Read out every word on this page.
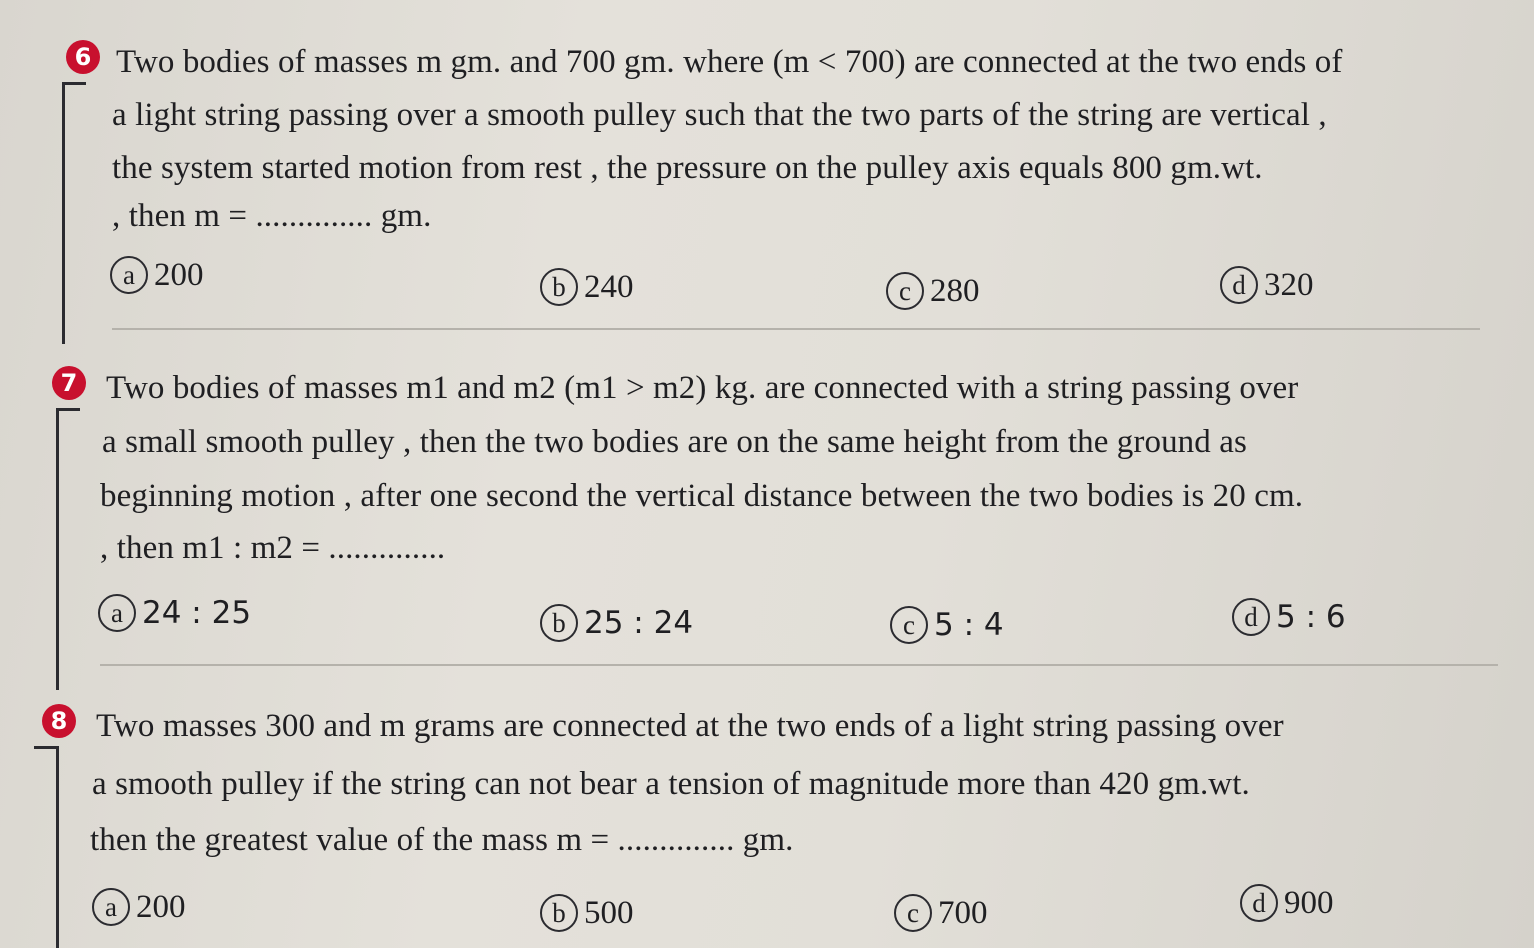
6 Two bodies of masses m gm. and 700 gm. where (m < 700) are connected at the two ends of
a light string passing over a smooth pulley such that the two parts of the string are vertical ,
the system started motion from rest , the pressure on the pulley axis equals 800 gm.wt.
, then m = .............. gm.
a 200	b 240	c 280	d 320
7 Two bodies of masses m1 and m2 (m1 > m2) kg. are connected with a string passing over
a small smooth pulley , then the two bodies are on the same height from the ground as
beginning motion , after one second the vertical distance between the two bodies is 20 cm.
, then m1 : m2 = ..............
a 24 : 25	b 25 : 24	c 5 : 4	d 5 : 6
8 Two masses 300 and m grams are connected at the two ends of a light string passing over
a smooth pulley if the string can not bear a tension of magnitude more than 420 gm.wt.
then the greatest value of the mass m = .............. gm.
a 200	b 500	c 700	d 900
